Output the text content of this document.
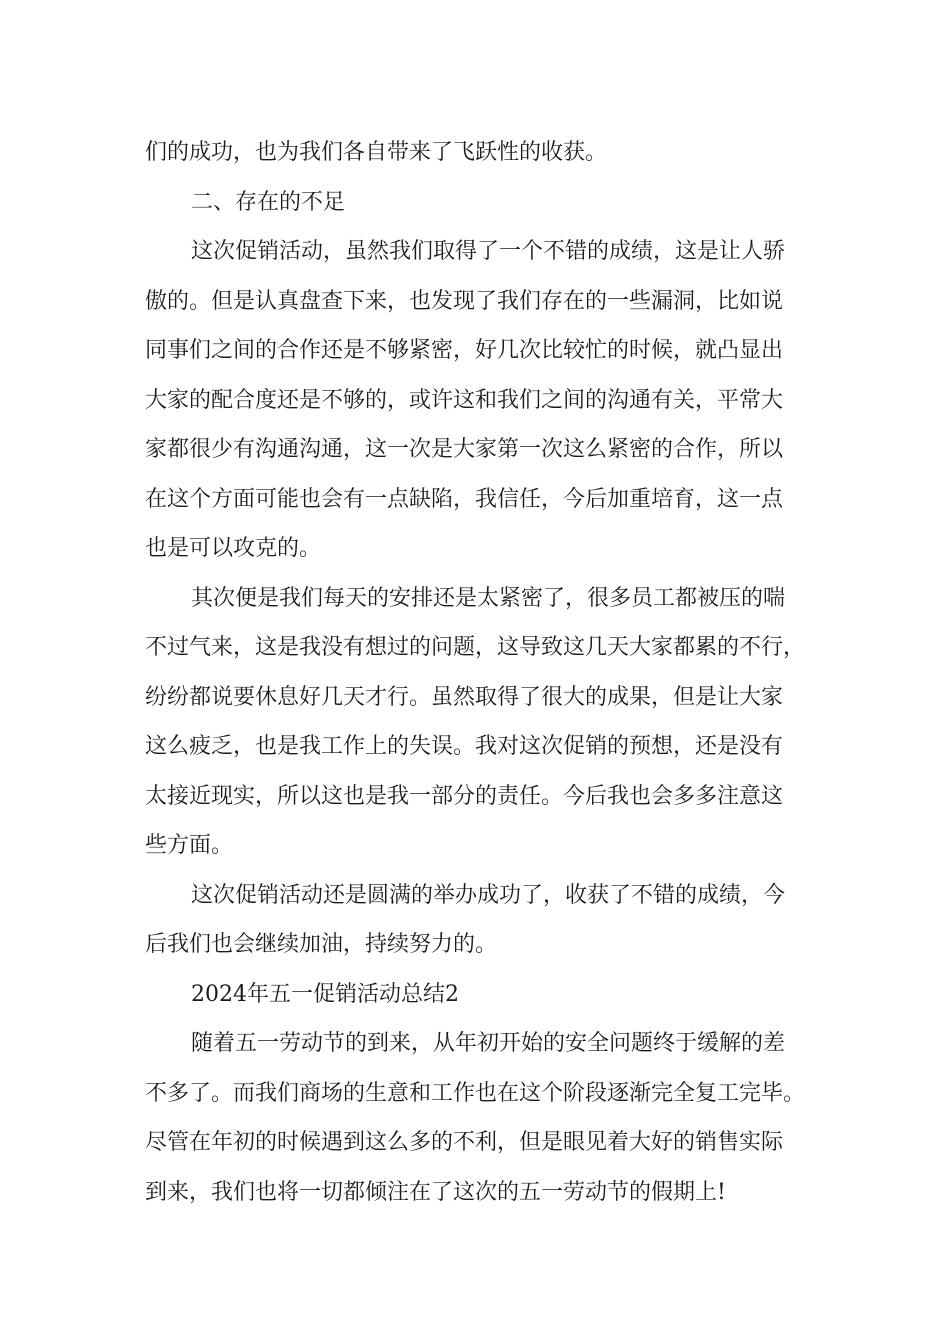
们的成功，也为我们各自带来了飞跃性的收获。

二、存在的不足

这次促销活动，虽然我们取得了一个不错的成绩，这是让人骄

傲的。但是认真盘查下来，也发现了我们存在的一些漏洞，比如说

同事们之间的合作还是不够紧密，好几次比较忙的时候，就凸显出

大家的配合度还是不够的，或许这和我们之间的沟通有关，平常大

家都很少有沟通沟通，这一次是大家第一次这么紧密的合作，所以

在这个方面可能也会有一点缺陷，我信任，今后加重培育，这一点

也是可以攻克的。

其次便是我们每天的安排还是太紧密了，很多员工都被压的喘

不过气来，这是我没有想过的问题，这导致这几天大家都累的不行，

纷纷都说要休息好几天才行。虽然取得了很大的成果，但是让大家

这么疲乏，也是我工作上的失误。我对这次促销的预想，还是没有

太接近现实，所以这也是我一部分的责任。今后我也会多多注意这

些方面。

这次促销活动还是圆满的举办成功了，收获了不错的成绩，今

后我们也会继续加油，持续努力的。

2024年五一促销活动总结2

随着五一劳动节的到来，从年初开始的安全问题终于缓解的差

不多了。而我们商场的生意和工作也在这个阶段逐渐完全复工完毕。

尽管在年初的时候遇到这么多的不利，但是眼见着大好的销售实际

到来，我们也将一切都倾注在了这次的五一劳动节的假期上!
